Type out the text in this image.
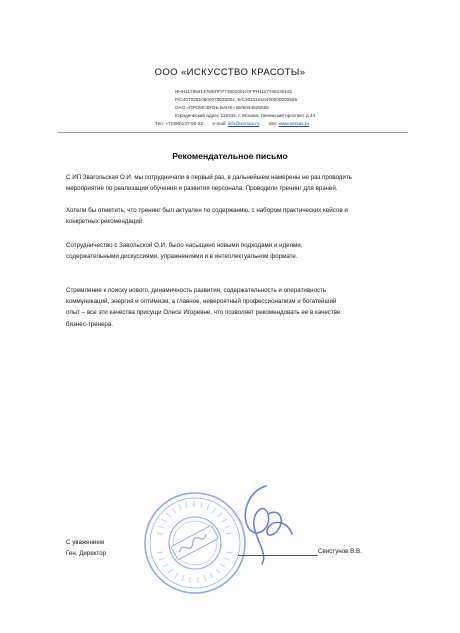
ООО «ИСКУССТВО КРАСОТЫ»
ИНН1178841475/КПП773601001/ОГРН1117746230161
Р/С40702810800070625001, К/С30101810400000000555
ОАО «ПРОМСВЯЗЬ БАНК» БИК044525555
Юридический адрес 119334, г. Москва, Ленинский проспект д.44
Тел: +7(499)137-55-22 e-mail: info@versus.ru site: www.versus.ru
Рекомендательное письмо
С ИП Звагольская О.И. мы сотрудничали в первый раз, в дальнейшем намерены не раз проводить
мероприятие по реализации обучения и развития персонала. Проводили тренинг для врачей.
Хотели бы отметить, что тренинг был актуален по содержанию, с набором практических кейсов и
конкретных рекомендаций.
Сотрудничество с Завольской О.И. было насыщено новыми подходами и идеями,
содержательными дискуссиями, упражнениями и в интеллектуальном формате.
Стремление к поиску нового, динамичность развития, содержательность и оперативность
коммуникаций, энергия и оптимизм, а главное, невероятный профессионализм и богатейший
опыт – все эти качества присущи Олесе Игоревне, что позволяет рекомендовать ее в качестве
бизнес-тренера.
С уважением
Ген. Директор	Свистунов В.В.
